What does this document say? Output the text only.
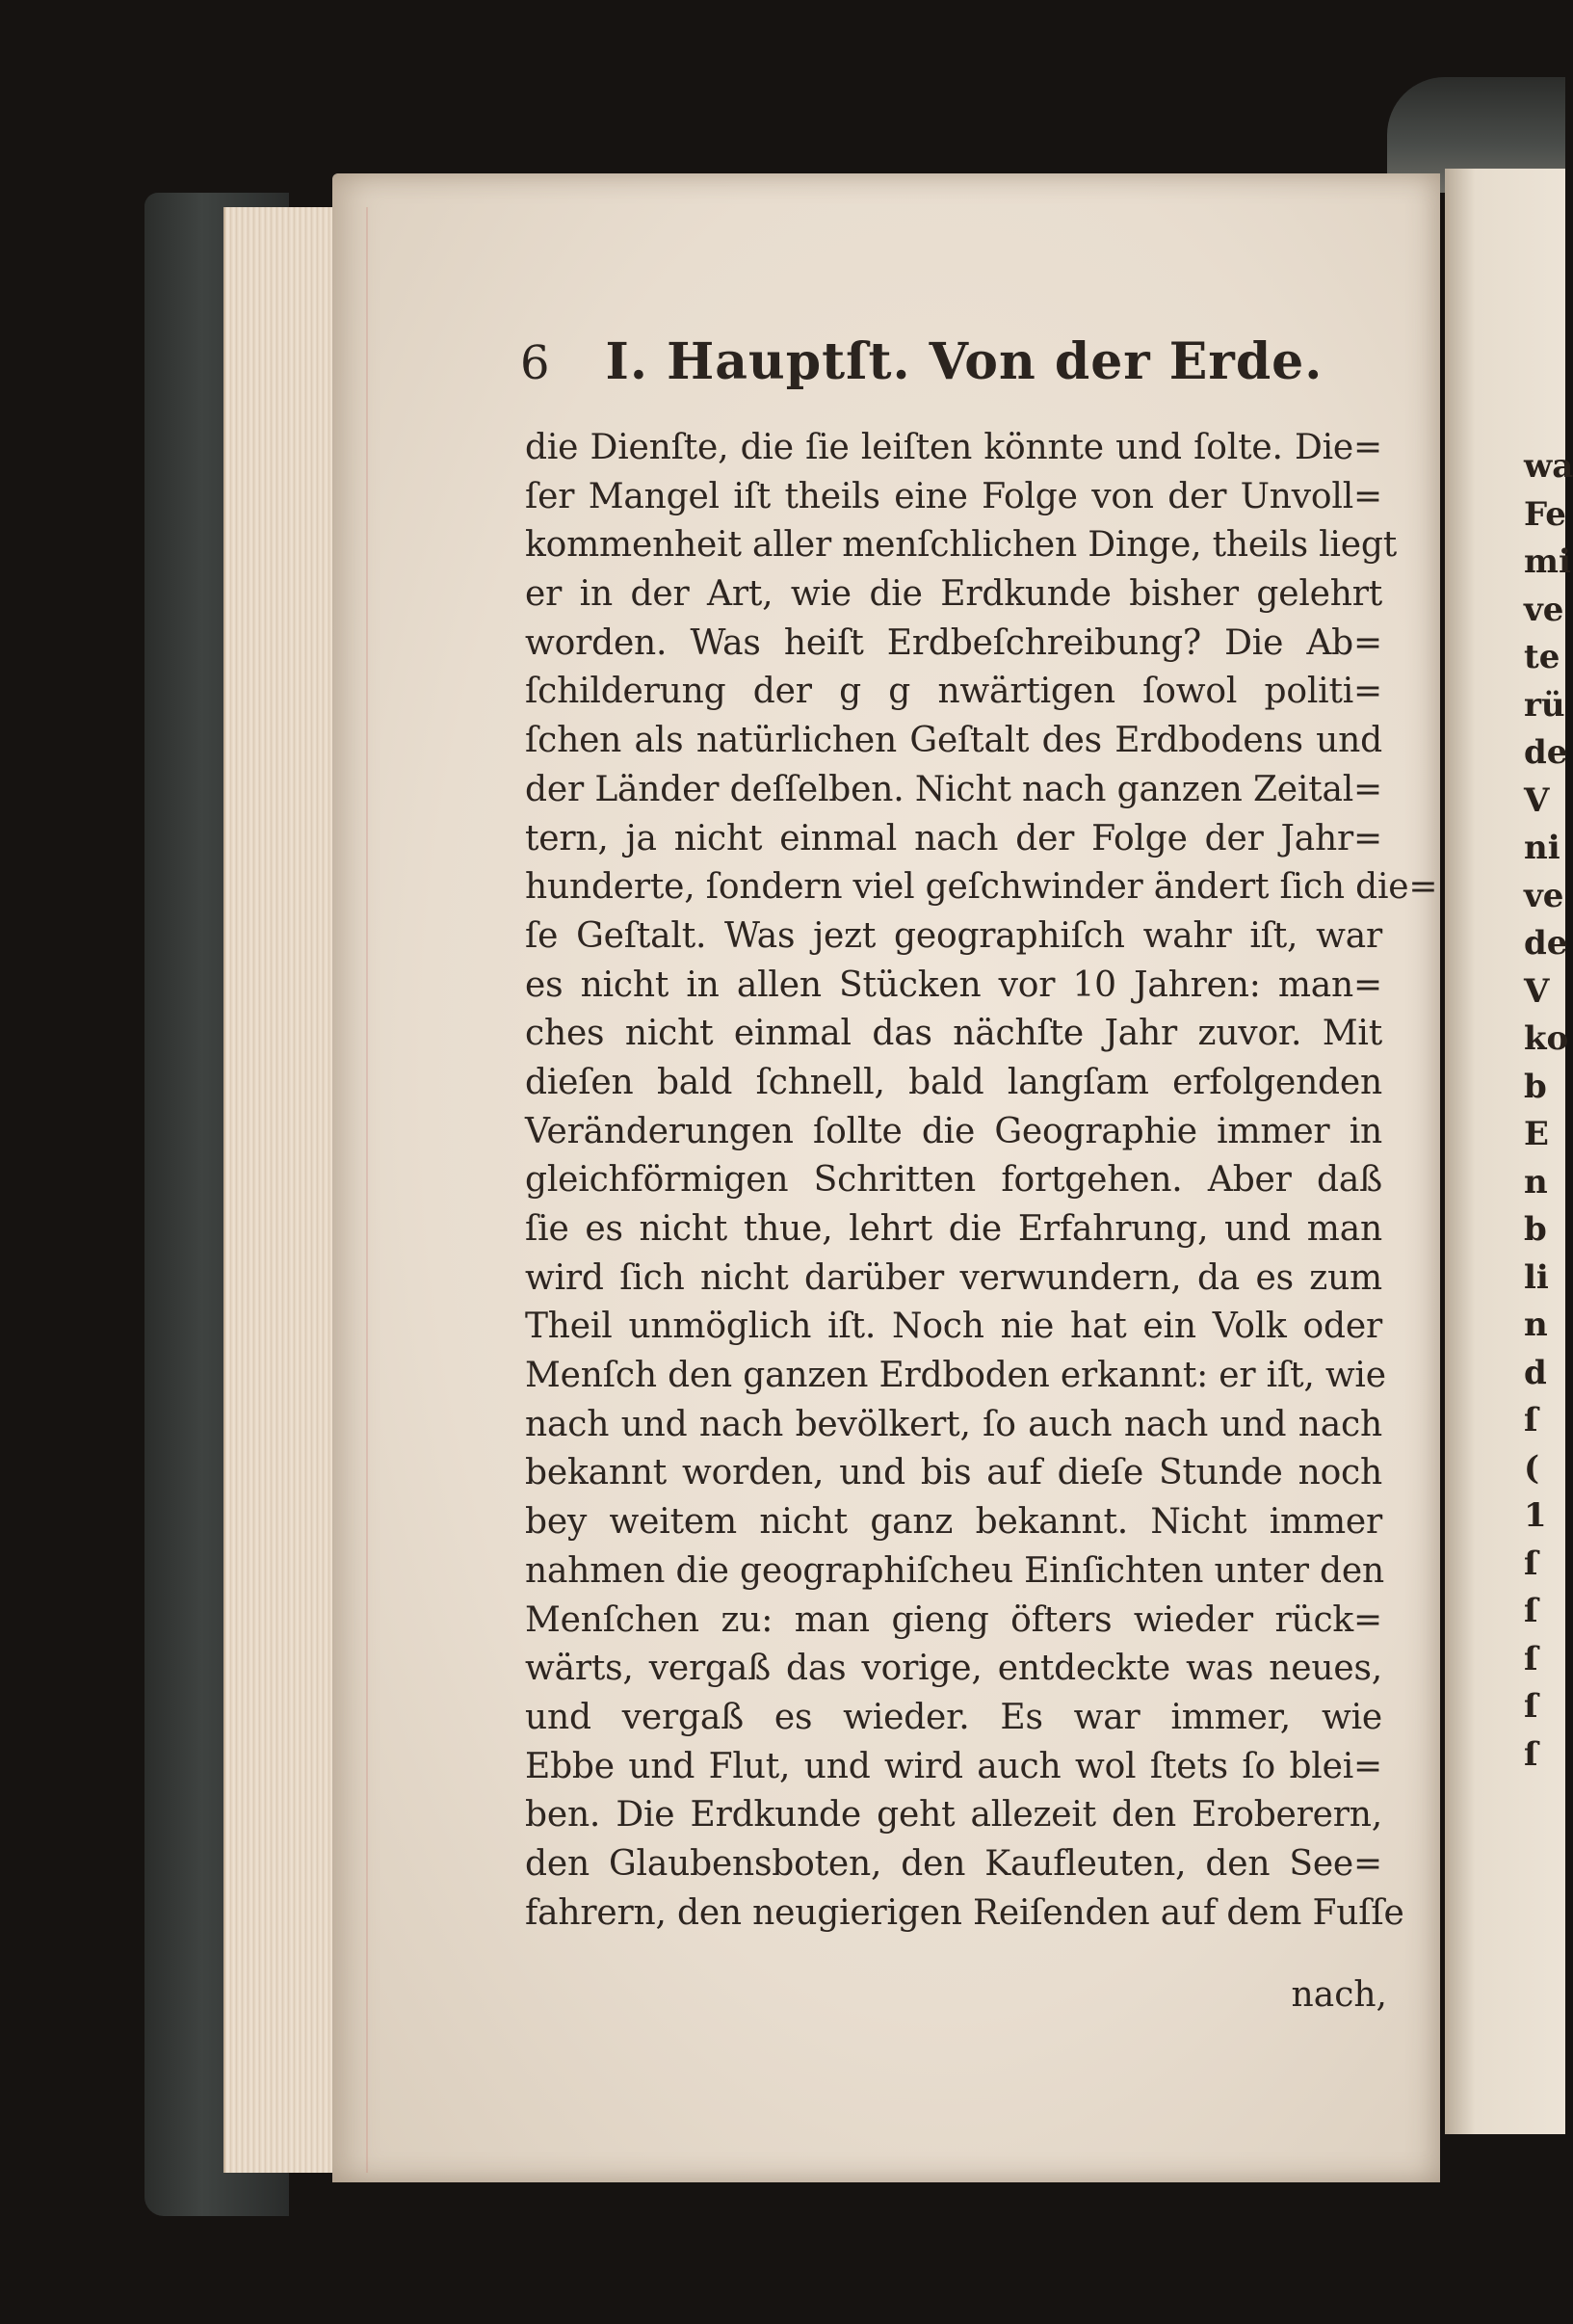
wa
Fe
mi
ve
te
rü
de
V
ni
ve
de
V
ko
b
E
n
b
li
n
d
ſ
(
1
ſ
ſ
ſ
ſ
ſ
6 I. Hauptſt. Von der Erde.
die Dienſte, die ſie leiſten könnte und ſolte. Die=
ſer Mangel iſt theils eine Folge von der Unvoll=
kommenheit aller menſchlichen Dinge, theils liegt
er in der Art, wie die Erdkunde bisher gelehrt
worden. Was heiſt Erdbeſchreibung? Die Ab=
ſchilderung der g g nwärtigen ſowol politi=
ſchen als natürlichen Geſtalt des Erdbodens und
der Länder deſſelben. Nicht nach ganzen Zeital=
tern, ja nicht einmal nach der Folge der Jahr=
hunderte, ſondern viel geſchwinder ändert ſich die=
ſe Geſtalt. Was jezt geographiſch wahr iſt, war
es nicht in allen Stücken vor 10 Jahren: man=
ches nicht einmal das nächſte Jahr zuvor. Mit
dieſen bald ſchnell, bald langſam erfolgenden
Veränderungen ſollte die Geographie immer in
gleichförmigen Schritten fortgehen. Aber daß
ſie es nicht thue, lehrt die Erfahrung, und man
wird ſich nicht darüber verwundern, da es zum
Theil unmöglich iſt. Noch nie hat ein Volk oder
Menſch den ganzen Erdboden erkannt: er iſt, wie
nach und nach bevölkert, ſo auch nach und nach
bekannt worden, und bis auf dieſe Stunde noch
bey weitem nicht ganz bekannt. Nicht immer
nahmen die geographiſcheu Einſichten unter den
Menſchen zu: man gieng öfters wieder rück=
wärts, vergaß das vorige, entdeckte was neues,
und vergaß es wieder. Es war immer, wie
Ebbe und Flut, und wird auch wol ſtets ſo blei=
ben. Die Erdkunde geht allezeit den Eroberern,
den Glaubensboten, den Kaufleuten, den See=
fahrern, den neugierigen Reiſenden auf dem Fuſſe
nach,
